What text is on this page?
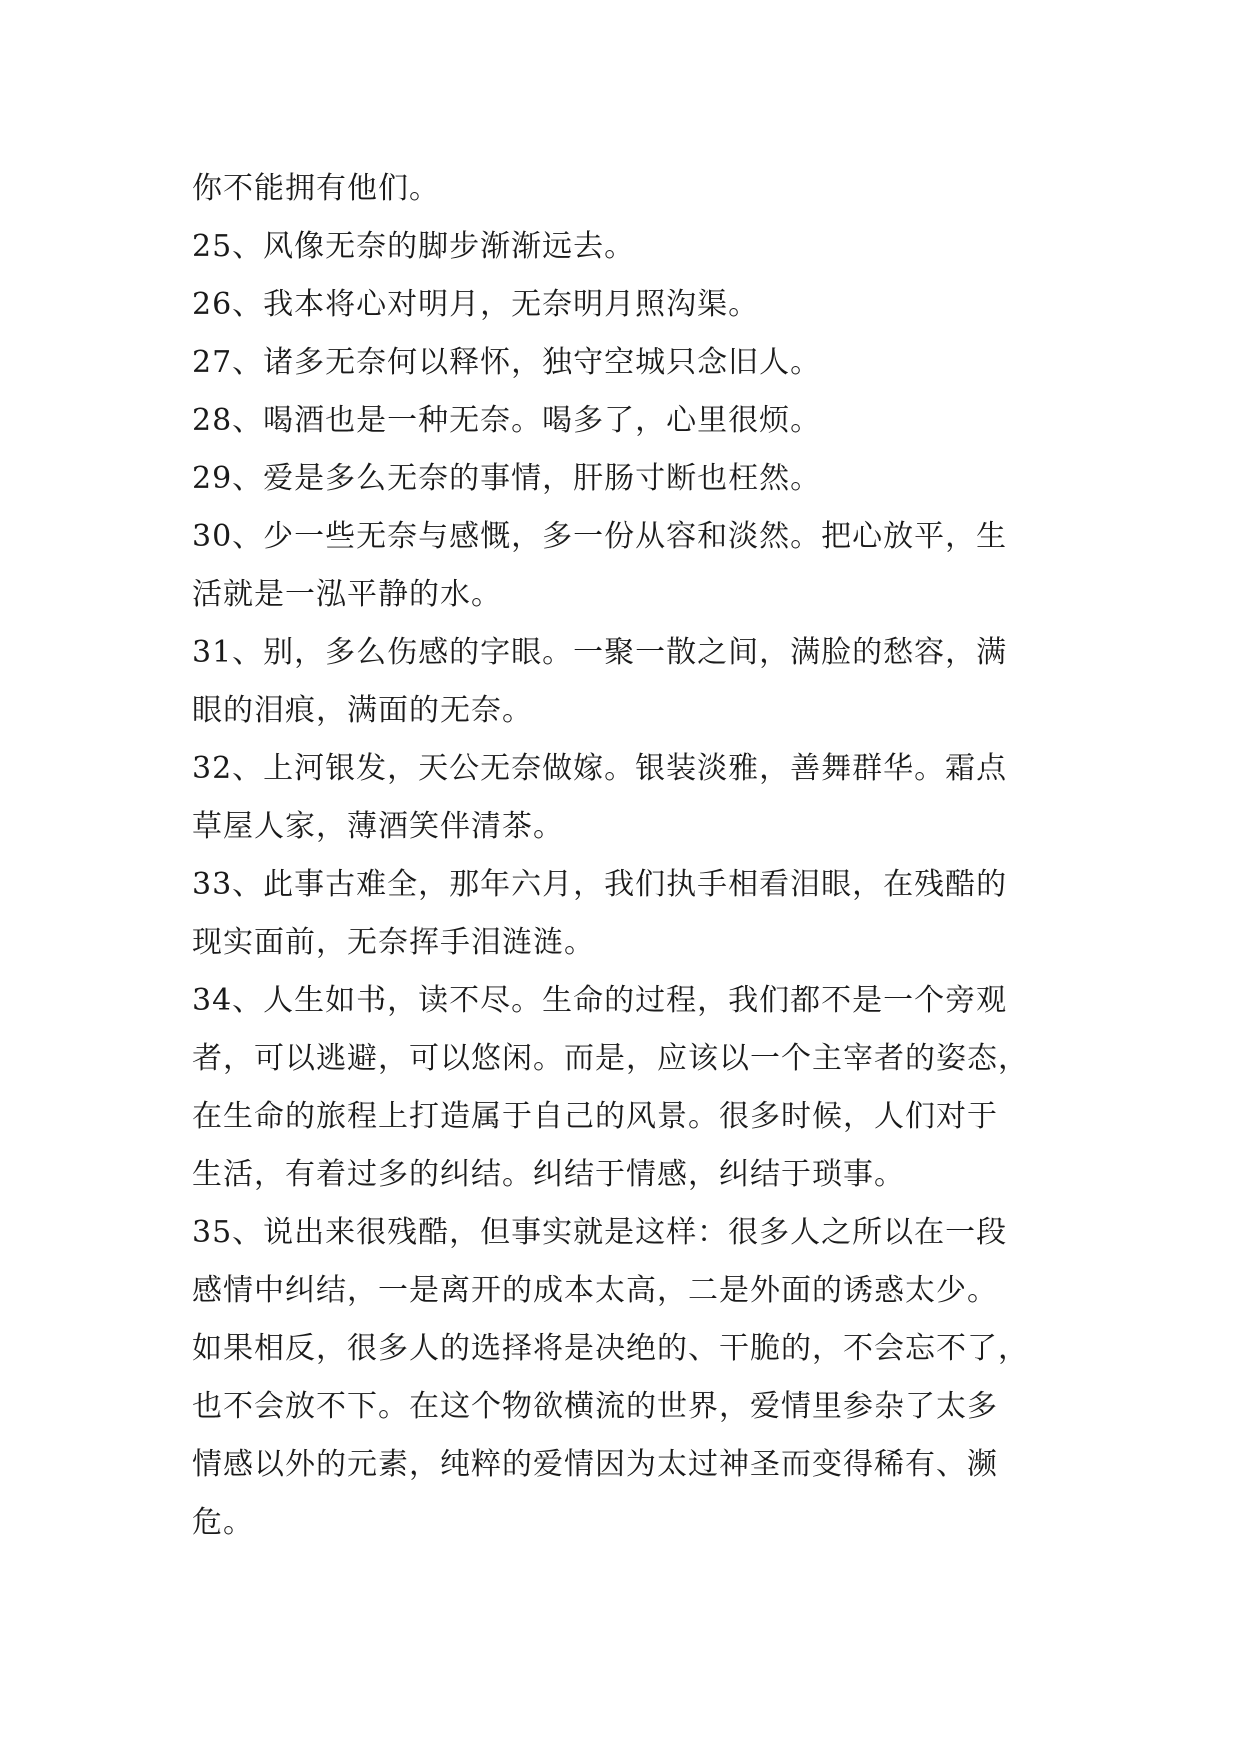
你不能拥有他们。
25、风像无奈的脚步渐渐远去。
26、我本将心对明月，无奈明月照沟渠。
27、诸多无奈何以释怀，独守空城只念旧人。
28、喝酒也是一种无奈。喝多了，心里很烦。
29、爱是多么无奈的事情，肝肠寸断也枉然。
30、少一些无奈与感慨，多一份从容和淡然。把心放平，生
活就是一泓平静的水。
31、别，多么伤感的字眼。一聚一散之间，满脸的愁容，满
眼的泪痕，满面的无奈。
32、上河银发，天公无奈做嫁。银装淡雅，善舞群华。霜点
草屋人家，薄酒笑伴清茶。
33、此事古难全，那年六月，我们执手相看泪眼，在残酷的
现实面前，无奈挥手泪涟涟。
34、人生如书，读不尽。生命的过程，我们都不是一个旁观
者，可以逃避，可以悠闲。而是，应该以一个主宰者的姿态，
在生命的旅程上打造属于自己的风景。很多时候，人们对于
生活，有着过多的纠结。纠结于情感，纠结于琐事。
35、说出来很残酷，但事实就是这样：很多人之所以在一段
感情中纠结，一是离开的成本太高，二是外面的诱惑太少。
如果相反，很多人的选择将是决绝的、干脆的，不会忘不了，
也不会放不下。在这个物欲横流的世界，爱情里参杂了太多
情感以外的元素，纯粹的爱情因为太过神圣而变得稀有、濒
危。
